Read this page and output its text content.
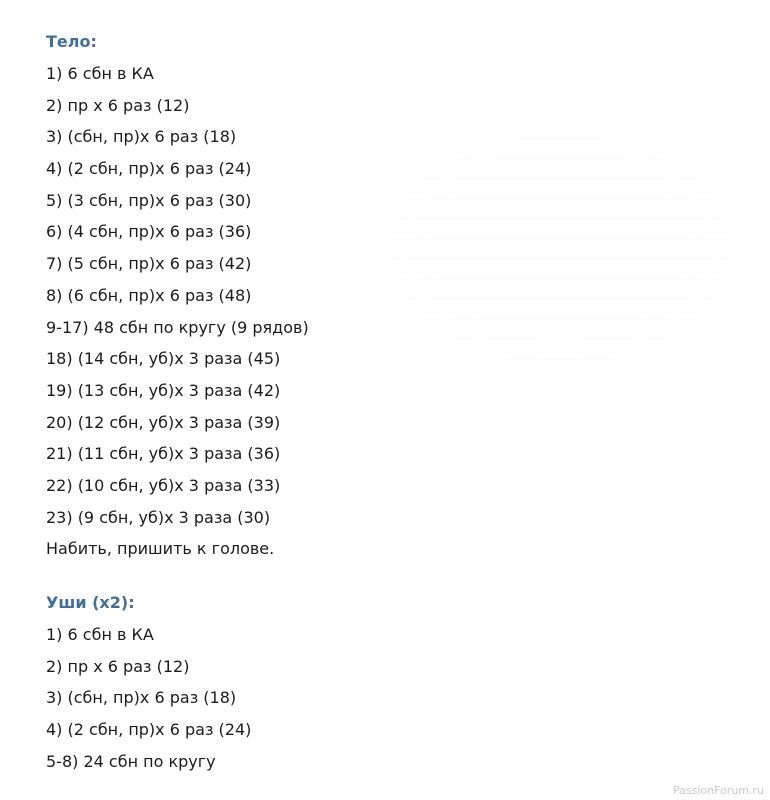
Тело:
1) 6 сбн в КА
2) пр х 6 раз (12)
3) (сбн, пр)х 6 раз (18)
4) (2 сбн, пр)х 6 раз (24)
5) (3 сбн, пр)х 6 раз (30)
6) (4 сбн, пр)х 6 раз (36)
7) (5 сбн, пр)х 6 раз (42)
8) (6 сбн, пр)х 6 раз (48)
9-17) 48 сбн по кругу (9 рядов)
18) (14 сбн, уб)х 3 раза (45)
19) (13 сбн, уб)х 3 раза (42)
20) (12 сбн, уб)х 3 раза (39)
21) (11 сбн, уб)х 3 раза (36)
22) (10 сбн, уб)х 3 раза (33)
23) (9 сбн, уб)х 3 раза (30)
Набить, пришить к голове.
Уши (х2):
1) 6 сбн в КА
2) пр х 6 раз (12)
3) (сбн, пр)х 6 раз (18)
4) (2 сбн, пр)х 6 раз (24)
5-8) 24 сбн по кругу
PassionForum.ru
